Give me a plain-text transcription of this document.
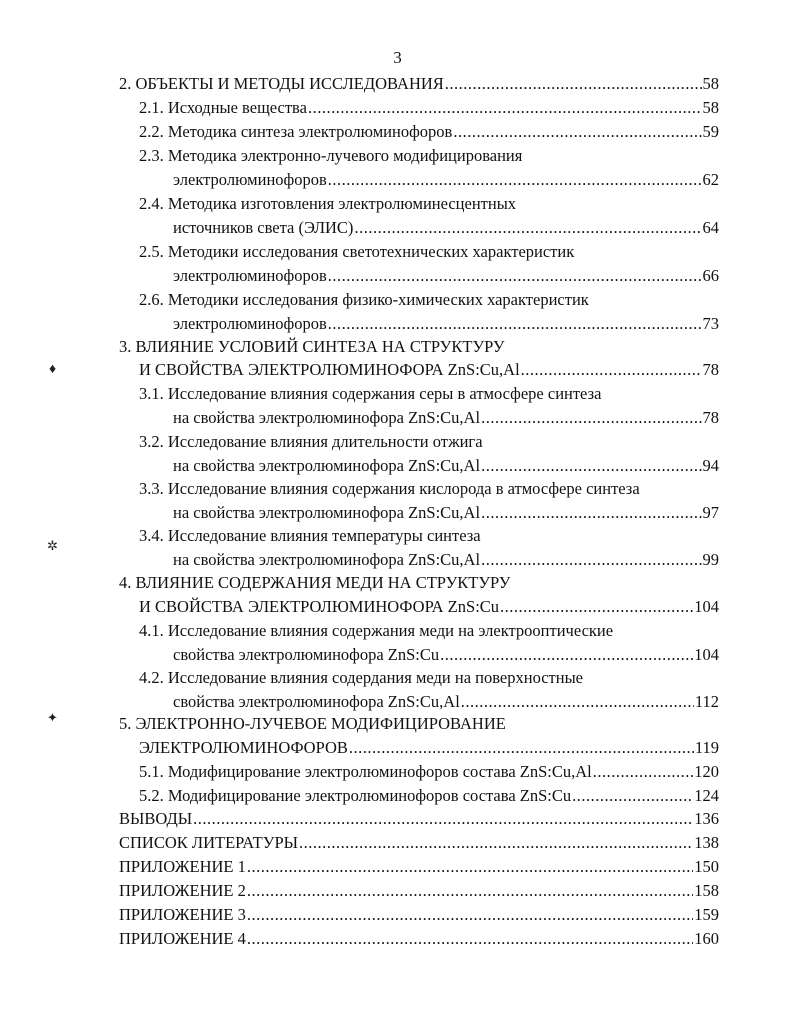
3
2. ОБЪЕКТЫ И МЕТОДЫ ИССЛЕДОВАНИЯ .....	58
2.1. Исходные вещества .....	58
2.2. Методика синтеза электролюминофоров .....	59
2.3. Методика электронно-лучевого модифицирования
электролюминофоров .....	62
2.4. Методика изготовления электролюминесцентных
источников света (ЭЛИС) .....	64
2.5. Методики исследования светотехнических характеристик
электролюминофоров .....	66
2.6. Методики исследования физико-химических характеристик
электролюминофоров .....	73
3. ВЛИЯНИЕ УСЛОВИЙ СИНТЕЗА НА СТРУКТУРУ
И СВОЙСТВА ЭЛЕКТРОЛЮМИНОФОРА ZnS:Cu,Al .....	78
3.1. Исследование влияния содержания серы в атмосфере синтеза
на свойства электролюминофора ZnS:Cu,Al .....	78
3.2. Исследование влияния длительности отжига
на свойства электролюминофора ZnS:Cu,Al .....	94
3.3. Исследование влияния содержания кислорода в атмосфере синтеза
на свойства электролюминофора ZnS:Cu,Al .....	97
3.4. Исследование влияния температуры синтеза
на свойства электролюминофора ZnS:Cu,Al .....	99
4. ВЛИЯНИЕ СОДЕРЖАНИЯ МЕДИ НА СТРУКТУРУ
И СВОЙСТВА ЭЛЕКТРОЛЮМИНОФОРА ZnS:Cu .....	104
4.1. Исследование влияния содержания меди на электрооптические
свойства электролюминофора ZnS:Cu .....	104
4.2. Исследование влияния содердания меди на поверхностные
свойства электролюминофора ZnS:Cu,Al .....	112
5. ЭЛЕКТРОННО-ЛУЧЕВОЕ МОДИФИЦИРОВАНИЕ
ЭЛЕКТРОЛЮМИНОФОРОВ .....	119
5.1. Модифицирование электролюминофоров состава ZnS:Cu,Al .....	120
5.2. Модифицирование электролюминофоров состава ZnS:Cu .....	124
ВЫВОДЫ .....	136
СПИСОК ЛИТЕРАТУРЫ .....	138
ПРИЛОЖЕНИЕ 1 .....	150
ПРИЛОЖЕНИЕ 2 .....	158
ПРИЛОЖЕНИЕ 3 .....	159
ПРИЛОЖЕНИЕ 4 .....	160
♦
✲
✦
